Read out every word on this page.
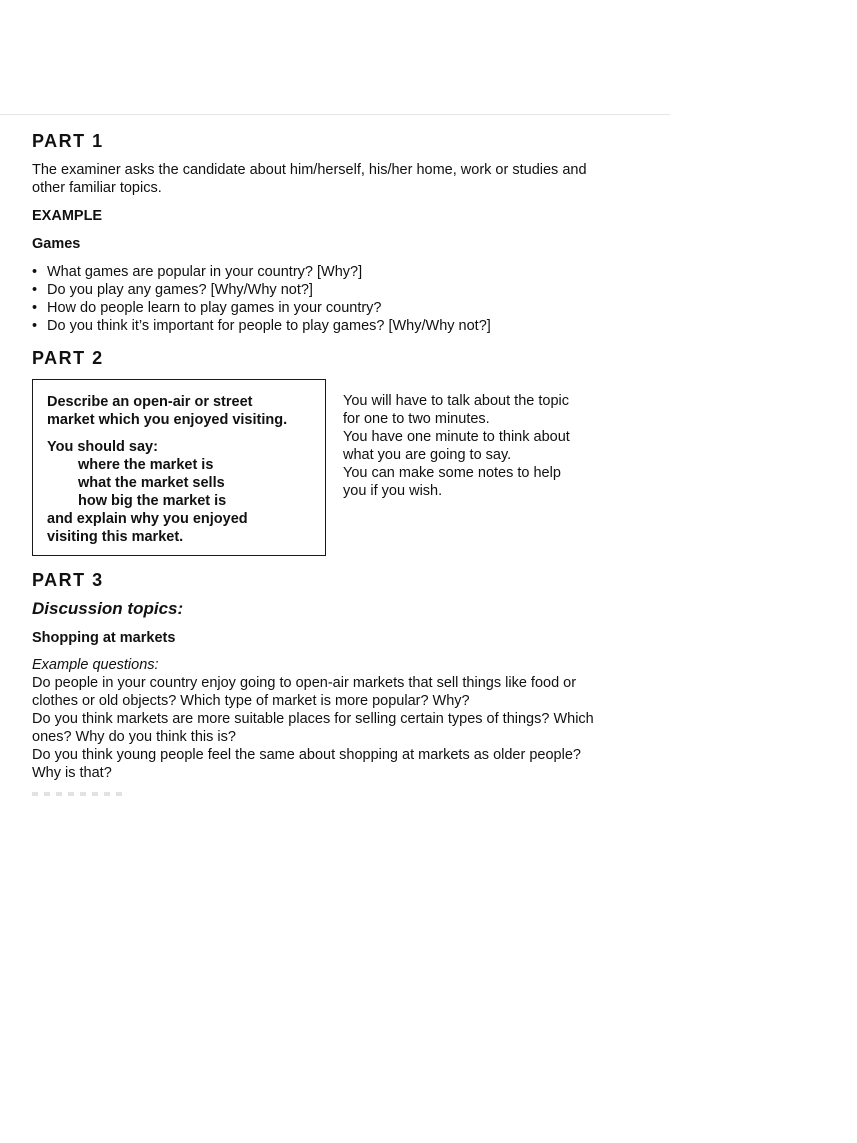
PART 1

The examiner asks the candidate about him/herself, his/her home, work or studies and

other familiar topics.

EXAMPLE

Games

• What games are popular in your country? [Why?]
• Do you play any games? [Why/Why not?]
• How do people learn to play games in your country?
• Do you think it’s important for people to play games? [Why/Why not?]
PART 2

Describe an open-air or street

market which you enjoyed visiting.

You should say:

where the market is

what the market sells

how big the market is

and explain why you enjoyed

visiting this market.

You will have to talk about the topic

for one to two minutes.

You have one minute to think about

what you are going to say.

You can make some notes to help

you if you wish.

PART 3

Discussion topics:

Shopping at markets

Example questions:

Do people in your country enjoy going to open-air markets that sell things like food or

clothes or old objects? Which type of market is more popular? Why?

Do you think markets are more suitable places for selling certain types of things? Which

ones? Why do you think this is?

Do you think young people feel the same about shopping at markets as older people?

Why is that?
